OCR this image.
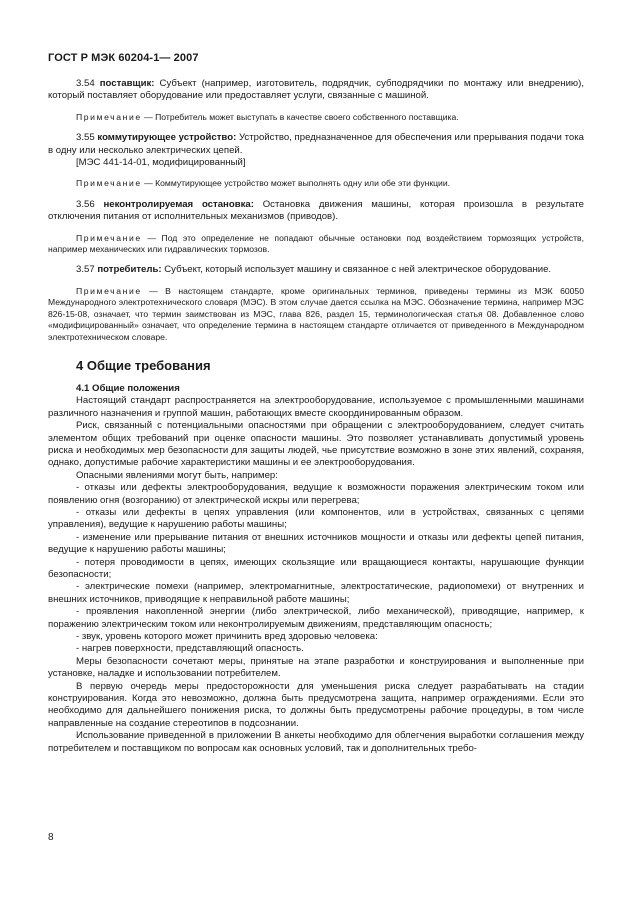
ГОСТ Р МЭК 60204-1— 2007

3.54 поставщик: Субъект (например, изготовитель, подрядчик, субподрядчики по монтажу или внедрению), который поставляет оборудование или предоставляет услуги, связанные с машиной.

Примечание — Потребитель может выступать в качестве своего собственного поставщика.

3.55 коммутирующее устройство: Устройство, предназначенное для обеспечения или прерывания подачи тока в одну или несколько электрических цепей.

[МЭС 441-14-01, модифицированный]

Примечание — Коммутирующее устройство может выполнять одну или обе эти функции.

3.56 неконтролируемая остановка: Остановка движения машины, которая произошла в результате отключения питания от исполнительных механизмов (приводов).

Примечание — Под это определение не попадают обычные остановки под воздействием тормозящих устройств, например механических или гидравлических тормозов.

3.57 потребитель: Субъект, который использует машину и связанное с ней электрическое оборудование.

Примечание — В настоящем стандарте, кроме оригинальных терминов, приведены термины из МЭК 60050 Международного электротехнического словаря (МЭС). В этом случае дается ссылка на МЭС. Обозначение термина, например МЭС 826-15-08, означает, что термин заимствован из МЭС, глава 826, раздел 15, терминологическая статья 08. Добавленное слово «модифицированный» означает, что определение термина в настоящем стандарте отличается от приведенного в Международном электротехническом словаре.

4 Общие требования
4.1 Общие положения

Настоящий стандарт распространяется на электрооборудование, используемое с промышленными машинами различного назначения и группой машин, работающих вместе скоординированным образом.

Риск, связанный с потенциальными опасностями при обращении с электрооборудованием, следует считать элементом общих требований при оценке опасности машины. Это позволяет устанавливать допустимый уровень риска и необходимых мер безопасности для защиты людей, чье присутствие возможно в зоне этих явлений, сохраняя, однако, допустимые рабочие характеристики машины и ее электрооборудования.

Опасными явлениями могут быть, например:

- отказы или дефекты электрооборудования, ведущие к возможности поражения электрическим током или появлению огня (возгоранию) от электрической искры или перегрева;

- отказы или дефекты в цепях управления (или компонентов, или в устройствах, связанных с цепями управления), ведущие к нарушению работы машины;

- изменение или прерывание питания от внешних источников мощности и отказы или дефекты цепей питания, ведущие к нарушению работы машины;

- потеря проводимости в цепях, имеющих скользящие или вращающиеся контакты, нарушающие функции безопасности;

- электрические помехи (например, электромагнитные, электростатические, радиопомехи) от внутренних и внешних источников, приводящие к неправильной работе машины;

- проявления накопленной энергии (либо электрической, либо механической), приводящие, например, к поражению электрическим током или неконтролируемым движениям, представляющим опасность;

- звук, уровень которого может причинить вред здоровью человека:

- нагрев поверхности, представляющий опасность.

Меры безопасности сочетают меры, принятые на этапе разработки и конструирования и выполненные при установке, наладке и использовании потребителем.

В первую очередь меры предосторожности для уменьшения риска следует разрабатывать на стадии конструирования. Когда это невозможно, должна быть предусмотрена защита, например ограждениями. Если это необходимо для дальнейшего понижения риска, то должны быть предусмотрены рабочие процедуры, в том числе направленные на создание стереотипов в подсознании.

Использование приведенной в приложении В анкеты необходимо для облегчения выработки соглашения между потребителем и поставщиком по вопросам как основных условий, так и дополнительных требо-

8
